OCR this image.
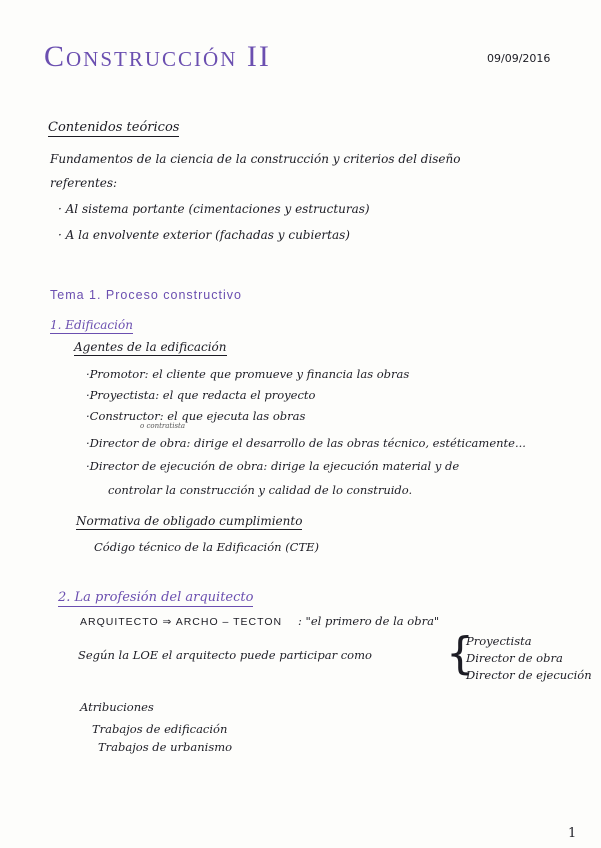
Construcción II	09/09/2016
Contenidos teóricos
Fundamentos de la ciencia de la construcción y criterios del diseño
referentes:
· Al sistema portante (cimentaciones y estructuras)
· A la envolvente exterior (fachadas y cubiertas)
Tema 1. Proceso constructivo
1. Edificación
Agentes de la edificación
·Promotor: el cliente que promueve y financia las obras
·Proyectista: el que redacta el proyecto
·Constructor: el que ejecuta las obras
o contratista
·Director de obra: dirige el desarrollo de las obras técnico, estéticamente...
·Director de ejecución de obra: dirige la ejecución material y de
controlar la construcción y calidad de lo construido.
Normativa de obligado cumplimiento
Código técnico de la Edificación (CTE)
2. La profesión del arquitecto
ARQUITECTO ⇒ ARCHO – TECTON : "el primero de la obra"
Según la LOE el arquitecto puede participar como {
Proyectista
Director de obra
Director de ejecución
Atribuciones
Trabajos de edificación
Trabajos de urbanismo
1
